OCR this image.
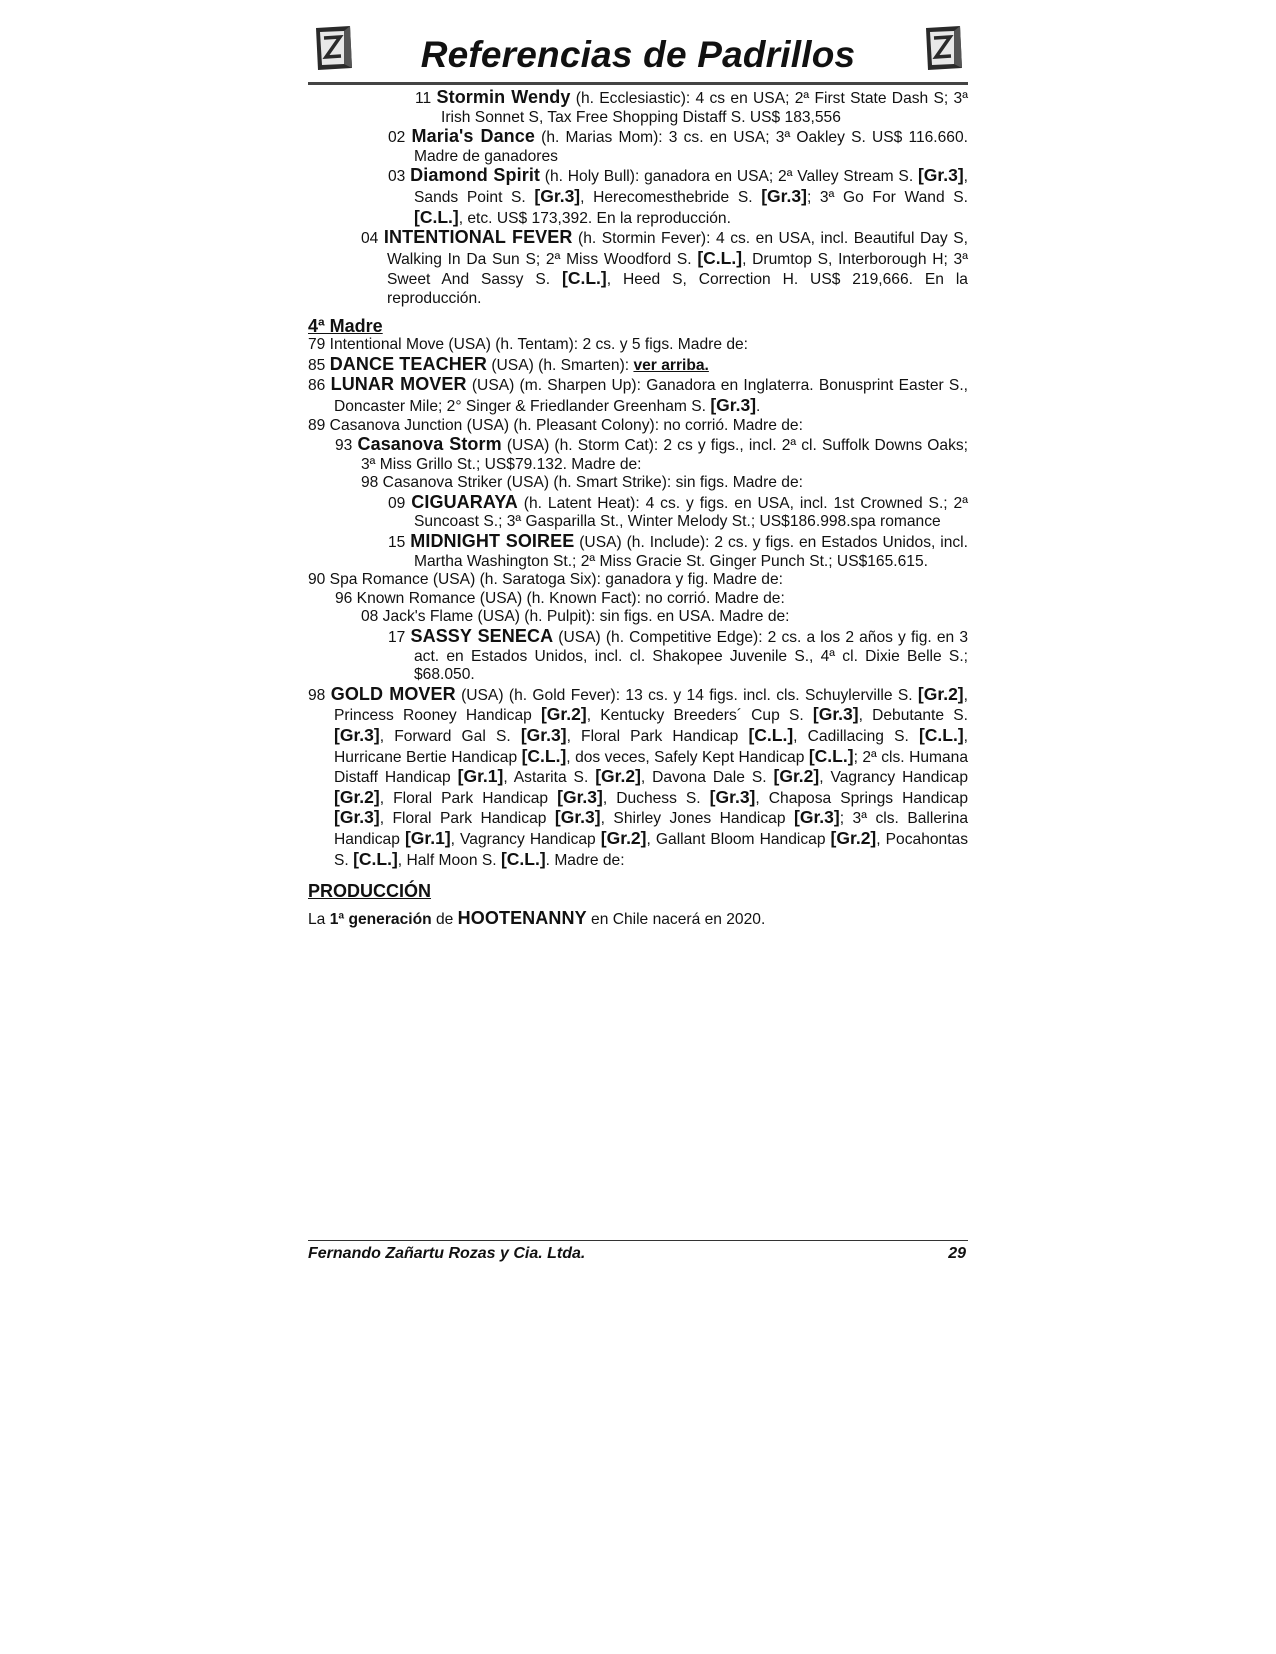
Referencias de Padrillos

11 Stormin Wendy (h. Ecclesiastic): 4 cs en USA; 2ª First State Dash S; 3ª Irish Sonnet S, Tax Free Shopping Distaff S. US$ 183,556

02 Maria's Dance (h. Marias Mom): 3 cs. en USA; 3ª Oakley S. US$ 116.660. Madre de ganadores

03 Diamond Spirit (h. Holy Bull): ganadora en USA; 2ª Valley Stream S. [Gr.3], Sands Point S. [Gr.3], Herecomesthebride S. [Gr.3]; 3ª Go For Wand S. [C.L.], etc. US$ 173,392. En la reproducción.

04 INTENTIONAL FEVER (h. Stormin Fever): 4 cs. en USA, incl. Beautiful Day S, Walking In Da Sun S; 2ª Miss Woodford S. [C.L.], Drumtop S, Interborough H; 3ª Sweet And Sassy S. [C.L.], Heed S, Correction H. US$ 219,666. En la reproducción.

4ª Madre

79 Intentional Move (USA) (h. Tentam): 2 cs. y 5 figs. Madre de:

85 DANCE TEACHER (USA) (h. Smarten): ver arriba.

86 LUNAR MOVER (USA) (m. Sharpen Up): Ganadora en Inglaterra. Bonusprint Easter S., Doncaster Mile; 2° Singer & Friedlander Greenham S. [Gr.3].

89 Casanova Junction (USA) (h. Pleasant Colony): no corrió. Madre de:

93 Casanova Storm (USA) (h. Storm Cat): 2 cs y figs., incl. 2ª cl. Suffolk Downs Oaks; 3ª Miss Grillo St.; US$79.132. Madre de:

98 Casanova Striker (USA) (h. Smart Strike): sin figs. Madre de:

09 CIGUARAYA (h. Latent Heat): 4 cs. y figs. en USA, incl. 1st Crowned S.; 2ª Suncoast S.; 3ª Gasparilla St., Winter Melody St.; US$186.998.spa romance

15 MIDNIGHT SOIREE (USA) (h. Include): 2 cs. y figs. en Estados Unidos, incl. Martha Washington St.; 2ª Miss Gracie St. Ginger Punch St.; US$165.615.

90 Spa Romance (USA) (h. Saratoga Six): ganadora y fig. Madre de:

96 Known Romance (USA) (h. Known Fact): no corrió. Madre de:

08 Jack's Flame (USA) (h. Pulpit): sin figs. en USA. Madre de:

17 SASSY SENECA (USA) (h. Competitive Edge): 2 cs. a los 2 años y fig. en 3 act. en Estados Unidos, incl. cl. Shakopee Juvenile S., 4ª cl. Dixie Belle S.; $68.050.

98 GOLD MOVER (USA) (h. Gold Fever): 13 cs. y 14 figs. incl. cls. Schuylerville S. [Gr.2], Princess Rooney Handicap [Gr.2], Kentucky Breeders´ Cup S. [Gr.3], Debutante S. [Gr.3], Forward Gal S. [Gr.3], Floral Park Handicap [C.L.], Cadillacing S. [C.L.], Hurricane Bertie Handicap [C.L.], dos veces, Safely Kept Handicap [C.L.]; 2ª cls. Humana Distaff Handicap [Gr.1], Astarita S. [Gr.2], Davona Dale S. [Gr.2], Vagrancy Handicap [Gr.2], Floral Park Handicap [Gr.3], Duchess S. [Gr.3], Chaposa Springs Handicap [Gr.3], Floral Park Handicap [Gr.3], Shirley Jones Handicap [Gr.3]; 3ª cls. Ballerina Handicap [Gr.1], Vagrancy Handicap [Gr.2], Gallant Bloom Handicap [Gr.2], Pocahontas S. [C.L.], Half Moon S. [C.L.]. Madre de:

PRODUCCIÓN

La 1ª generación de HOOTENANNY en Chile nacerá en 2020.

Fernando Zañartu Rozas y Cia. Ltda.	29
